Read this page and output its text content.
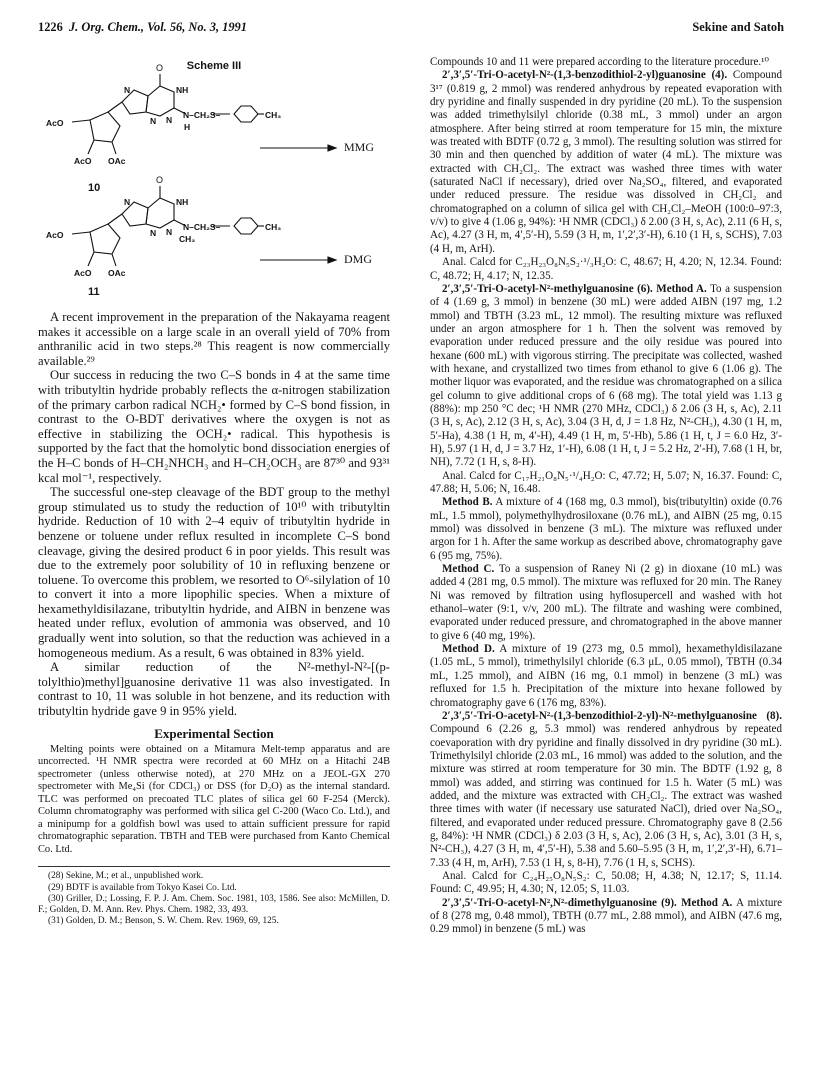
1226 J. Org. Chem., Vol. 56, No. 3, 1991	Sekine and Satoh
Scheme III
O
NH
N
N N N–CH₂S–
H
CH₃
AcO
AcO OAc
MMG
10
O
NH
N
N N N–CH₂S–
CH₃
CH₃
AcO
AcO OAc
DMG
11

A recent improvement in the preparation of the Nakayama reagent makes it accessible on a large scale in an overall yield of 70% from anthranilic acid in two steps.²⁸ This reagent is now commercially available.²⁹

Our success in reducing the two C–S bonds in 4 at the same time with tributyltin hydride probably reflects the α-nitrogen stabilization of the primary carbon radical NCH₂• formed by C–S bond fission, in contrast to the O-BDT derivatives where the oxygen is not as effective in stabilizing the OCH₂• radical. This hypothesis is supported by the fact that the homolytic bond dissociation energies of the H–C bonds of H–CH₂NHCH₃ and H–CH₂OCH₃ are 87³⁰ and 93³¹ kcal mol⁻¹, respectively.

The successful one-step cleavage of the BDT group to the methyl group stimulated us to study the reduction of 10¹⁰ with tributyltin hydride. Reduction of 10 with 2–4 equiv of tributyltin hydride in benzene or toluene under reflux resulted in incomplete C–S bond cleavage, giving the desired product 6 in poor yields. This result was due to the extremely poor solubility of 10 in refluxing benzene or toluene. To overcome this problem, we resorted to O⁶-silylation of 10 to convert it into a more lipophilic species. When a mixture of hexamethyldisilazane, tributyltin hydride, and AIBN in benzene was heated under reflux, evolution of ammonia was observed, and 10 gradually went into solution, so that the reduction was achieved in a homogeneous medium. As a result, 6 was obtained in 83% yield.

A similar reduction of the N²-methyl-N²-[(p-tolylthio)methyl]guanosine derivative 11 was also investigated. In contrast to 10, 11 was soluble in hot benzene, and its reduction with tributyltin hydride gave 9 in 95% yield.

Experimental Section

Melting points were obtained on a Mitamura Melt-temp apparatus and are uncorrected. ¹H NMR spectra were recorded at 60 MHz on a Hitachi 24B spectrometer (unless otherwise noted), at 270 MHz on a JEOL-GX 270 spectrometer with Me₄Si (for CDCl₃) or DSS (for D₂O) as the internal standard. TLC was performed on precoated TLC plates of silica gel 60 F-254 (Merck). Column chromatography was performed with silica gel C-200 (Waco Co. Ltd.), and a minipump for a goldfish bowl was used to attain sufficient pressure for rapid chromatographic separation. TBTH and TEB were purchased from Kanto Chemical Co. Ltd.

(28) Sekine, M.; et al., unpublished work.

(29) BDTF is available from Tokyo Kasei Co. Ltd.

(30) Griller, D.; Lossing, F. P. J. Am. Chem. Soc. 1981, 103, 1586. See also: McMillen, D. F.; Golden, D. M. Ann. Rev. Phys. Chem. 1982, 33, 493.

(31) Golden, D. M.; Benson, S. W. Chem. Rev. 1969, 69, 125.

Compounds 10 and 11 were prepared according to the literature procedure.¹⁰

2′,3′,5′-Tri-O-acetyl-N²-(1,3-benzodithiol-2-yl)guanosine (4). Compound 3¹⁷ (0.819 g, 2 mmol) was rendered anhydrous by repeated evaporation with dry pyridine and finally suspended in dry pyridine (20 mL). To the suspension was added trimethylsilyl chloride (0.38 mL, 3 mmol) under an argon atmosphere. After being stirred at room temperature for 15 min, the mixture was treated with BDTF (0.72 g, 3 mmol). The resulting solution was stirred for 30 min and then quenched by addition of water (4 mL). The mixture was extracted with CH₂Cl₂. The extract was washed three times with water (saturated NaCl if necessary), dried over Na₂SO₄, filtered, and evaporated under reduced pressure. The residue was dissolved in CH₂Cl₂ and chromatographed on a column of silica gel with CH₂Cl₂–MeOH (100:0–97:3, v/v) to give 4 (1.06 g, 94%): ¹H NMR (CDCl₃) δ 2.00 (3 H, s, Ac), 2.11 (6 H, s, Ac), 4.27 (3 H, m, 4′,5′-H), 5.59 (3 H, m, 1′,2′,3′-H), 6.10 (1 H, s, SCHS), 7.03 (4 H, m, ArH).

Anal. Calcd for C₂₃H₂₃O₈N₅S₂·¹/₃H₂O: C, 48.67; H, 4.20; N, 12.34. Found: C, 48.72; H, 4.17; N, 12.35.

2′,3′,5′-Tri-O-acetyl-N²-methylguanosine (6). Method A. To a suspension of 4 (1.69 g, 3 mmol) in benzene (30 mL) were added AIBN (197 mg, 1.2 mmol) and TBTH (3.23 mL, 12 mmol). The resulting mixture was refluxed under an argon atmosphere for 1 h. Then the solvent was removed by evaporation under reduced pressure and the oily residue was poured into hexane (600 mL) with vigorous stirring. The precipitate was collected, washed with hexane, and crystallized two times from ethanol to give 6 (1.06 g). The mother liquor was evaporated, and the residue was chromatographed on a silica gel column to give additional crops of 6 (68 mg). The total yield was 1.13 g (88%): mp 250 °C dec; ¹H NMR (270 MHz, CDCl₃) δ 2.06 (3 H, s, Ac), 2.11 (3 H, s, Ac), 2.12 (3 H, s, Ac), 3.04 (3 H, d, J = 1.8 Hz, N²-CH₃), 4.30 (1 H, m, 5′-Ha), 4.38 (1 H, m, 4′-H), 4.49 (1 H, m, 5′-Hb), 5.86 (1 H, t, J = 6.0 Hz, 3′-H), 5.97 (1 H, d, J = 3.7 Hz, 1′-H), 6.08 (1 H, t, J = 5.2 Hz, 2′-H), 7.68 (1 H, br, NH), 7.72 (1 H, s, 8-H).

Anal. Calcd for C₁₇H₂₁O₈N₅·¹/₄H₂O: C, 47.72; H, 5.07; N, 16.37. Found: C, 47.88; H, 5.06; N, 16.48.

Method B. A mixture of 4 (168 mg, 0.3 mmol), bis(tributyltin) oxide (0.76 mL, 1.5 mmol), polymethylhydrosiloxane (0.76 mL), and AIBN (25 mg, 0.15 mmol) was dissolved in benzene (3 mL). The mixture was refluxed under argon for 1 h. After the same workup as described above, chromatography gave 6 (95 mg, 75%).

Method C. To a suspension of Raney Ni (2 g) in dioxane (10 mL) was added 4 (281 mg, 0.5 mmol). The mixture was refluxed for 20 min. The Raney Ni was removed by filtration using hyflosupercell and washed with hot ethanol–water (9:1, v/v, 200 mL). The filtrate and washing were combined, evaporated under reduced pressure, and chromatographed in the above manner to give 6 (40 mg, 19%).

Method D. A mixture of 19 (273 mg, 0.5 mmol), hexamethyldisilazane (1.05 mL, 5 mmol), trimethylsilyl chloride (6.3 μL, 0.05 mmol), TBTH (0.34 mL, 1.25 mmol), and AIBN (16 mg, 0.1 mmol) in benzene (3 mL) was refluxed for 1.5 h. Precipitation of the mixture into hexane followed by chromatography gave 6 (176 mg, 83%).

2′,3′,5′-Tri-O-acetyl-N²-(1,3-benzodithiol-2-yl)-N²-methylguanosine (8). Compound 6 (2.26 g, 5.3 mmol) was rendered anhydrous by repeated coevaporation with dry pyridine and finally dissolved in dry pyridine (30 mL). Trimethylsilyl chloride (2.03 mL, 16 mmol) was added to the solution, and the mixture was stirred at room temperature for 30 min. The BDTF (1.92 g, 8 mmol) was added, and stirring was continued for 1.5 h. Water (5 mL) was added, and the mixture was extracted with CH₂Cl₂. The extract was washed three times with water (if necessary use saturated NaCl), dried over Na₂SO₄, filtered, and evaporated under reduced pressure. Chromatography gave 8 (2.56 g, 84%): ¹H NMR (CDCl₃) δ 2.03 (3 H, s, Ac), 2.06 (3 H, s, Ac), 3.01 (3 H, s, N²-CH₃), 4.27 (3 H, m, 4′,5′-H), 5.38 and 5.60–5.95 (3 H, m, 1′,2′,3′-H), 6.71–7.33 (4 H, m, ArH), 7.53 (1 H, s, 8-H), 7.76 (1 H, s, SCHS).

Anal. Calcd for C₂₄H₂₅O₈N₅S₂: C, 50.08; H, 4.38; N, 12.17; S, 11.14. Found: C, 49.95; H, 4.30; N, 12.05; S, 11.03.

2′,3′,5′-Tri-O-acetyl-N²,N²-dimethylguanosine (9). Method A. A mixture of 8 (278 mg, 0.48 mmol), TBTH (0.77 mL, 2.88 mmol), and AIBN (47.6 mg, 0.29 mmol) in benzene (5 mL) was
